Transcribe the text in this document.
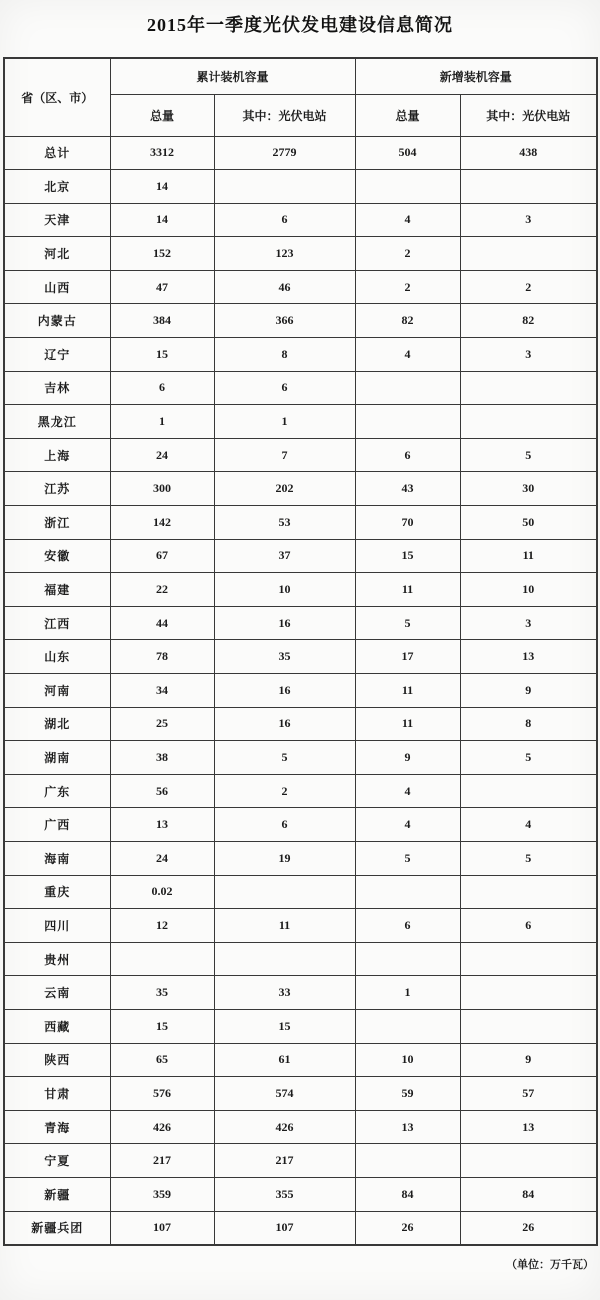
2015年一季度光伏发电建设信息简况
省（区、市）	累计装机容量		新增装机容量	
	总量	其中：光伏电站	总量	其中：光伏电站
总计	3312	2779	504	438
北京	14			
天津	14	6	4	3
河北	152	123	2	
山西	47	46	2	2
内蒙古	384	366	82	82
辽宁	15	8	4	3
吉林	6	6		
黑龙江	1	1		
上海	24	7	6	5
江苏	300	202	43	30
浙江	142	53	70	50
安徽	67	37	15	11
福建	22	10	11	10
江西	44	16	5	3
山东	78	35	17	13
河南	34	16	11	9
湖北	25	16	11	8
湖南	38	5	9	5
广东	56	2	4	
广西	13	6	4	4
海南	24	19	5	5
重庆	0.02			
四川	12	11	6	6
贵州				
云南	35	33	1	
西藏	15	15		
陕西	65	61	10	9
甘肃	576	574	59	57
青海	426	426	13	13
宁夏	217	217		
新疆	359	355	84	84
新疆兵团	107	107	26	26
（单位：万千瓦）
